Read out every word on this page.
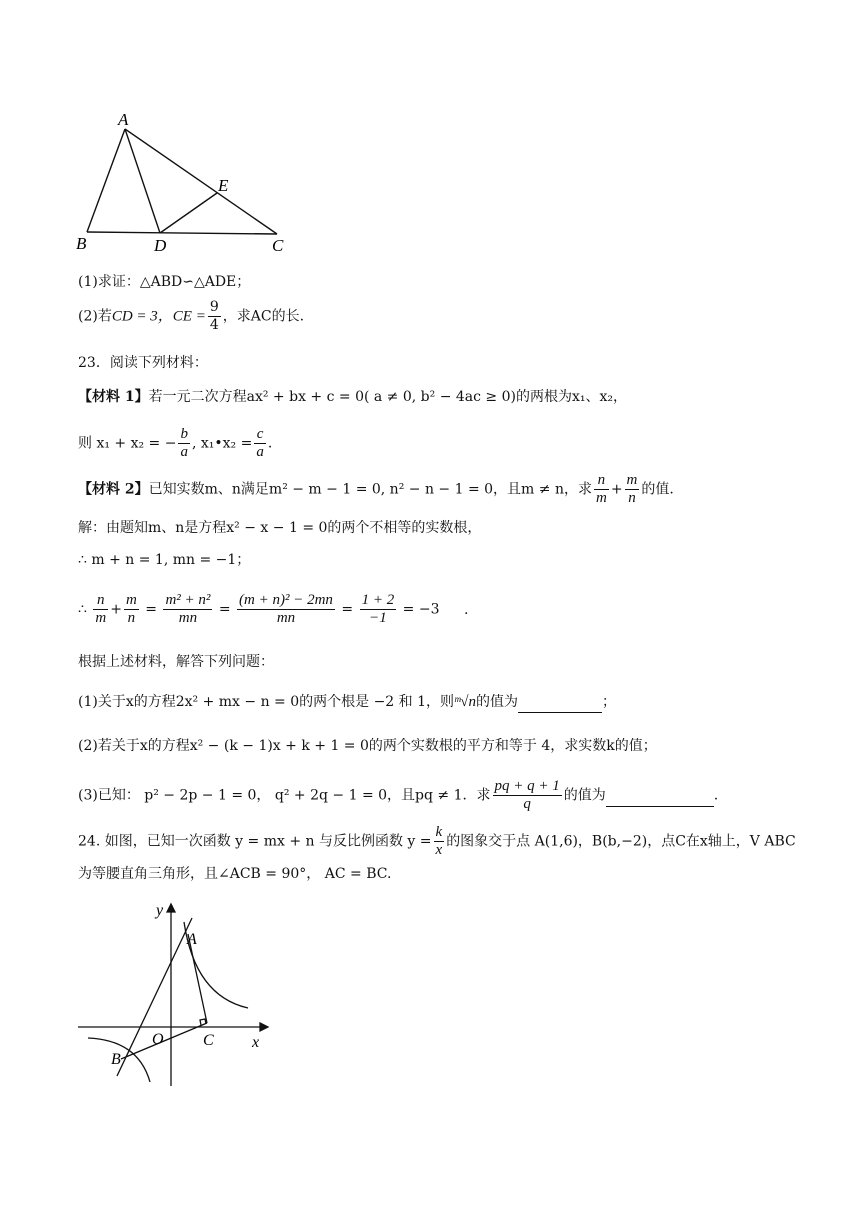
A
B	D	C
E
(1)求证：△ABD∽△ADE；
(2)若CD = 3，CE = $\frac{9}{4}$ ，求AC的长.
23．阅读下列材料：
【材料 1】若一元二次方程ax² + bx + c = 0( a ≠ 0, b² − 4ac ≥ 0)的两根为x₁、x₂，
则 x₁ + x₂ = − $\frac{b}{a}$ , x₁•x₂ = $\frac{c}{a}$ .
【材料 2】已知实数m、n满足m² − m − 1 = 0, n² − n − 1 = 0，且m ≠ n，求 $\frac{n}{m} + \frac{m}{n}$ 的值.
解：由题知m、n是方程x² − x − 1 = 0的两个不相等的实数根，
∴ m + n = 1, mn = −1；
∴ $\frac{n}{m} + \frac{m}{n} = \frac{\text{m² + n²}}{mn} = \frac{\text{(m + n)² − 2mn}}{mn} = \frac{1 + 2}{-1} = -3$ .
根据上述材料，解答下列问题：
(1)关于x的方程2x² + mx − n = 0的两个根是 −2 和 1，则ᵐ√n的值为	；
(2)若关于x的方程x² − (k − 1)x + k + 1 = 0的两个实数根的平方和等于 4，求实数k的值；
(3)已知： p² − 2p − 1 = 0， q² + 2q − 1 = 0，且pq ≠ 1．求 $\frac{pq + q + 1}{q}$ 的值为	.
24. 如图，已知一次函数 y = mx + n 与反比例函数 $y = \frac{k}{x}$ 的图象交于点 A(1,6)，B(b,−2)，点C在x轴上，V ABC
为等腰直角三角形，且∠ACB = 90°， AC = BC.
y
A
x
O C
B
